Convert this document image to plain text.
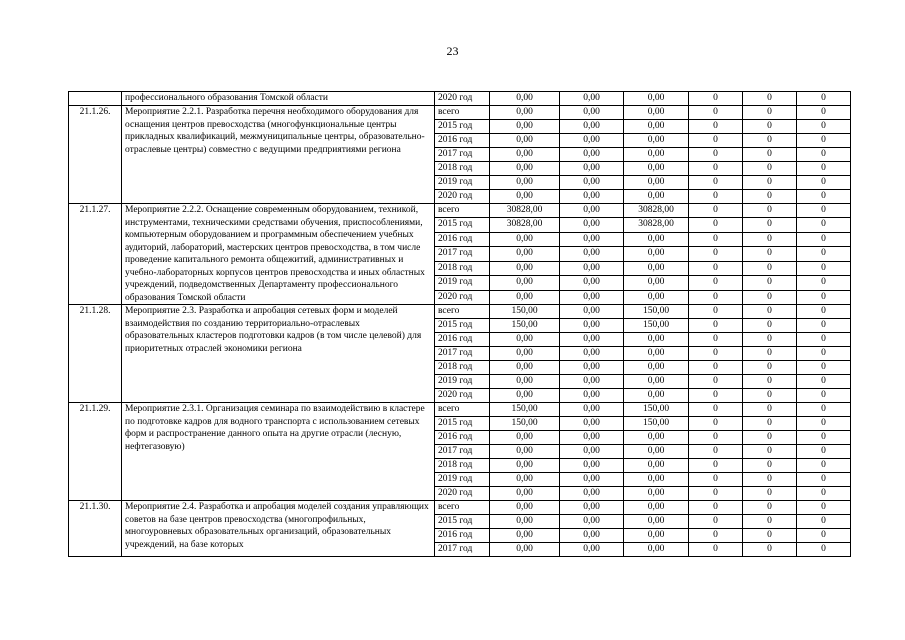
23
	профессионального образования Томской области	2020 год	0,00	0,00	0,00	0	0	0
21.1.26.	Мероприятие 2.2.1. Разработка перечня необходимого оборудования для оснащения центров превосходства (многофункциональные центры прикладных квалификаций, межмуниципальные центры, образовательно-отраслевые центры) совместно с ведущими предприятиями региона	всего	0,00	0,00	0,00	0	0	0
		2015 год	0,00	0,00	0,00	0	0	0
		2016 год	0,00	0,00	0,00	0	0	0
		2017 год	0,00	0,00	0,00	0	0	0
		2018 год	0,00	0,00	0,00	0	0	0
		2019 год	0,00	0,00	0,00	0	0	0
		2020 год	0,00	0,00	0,00	0	0	0
21.1.27.	Мероприятие 2.2.2. Оснащение современным оборудованием, техникой, инструментами, техническими средствами обучения, приспособлениями, компьютерным оборудованием и программным обеспечением учебных аудиторий, лабораторий, мастерских центров превосходства, в том числе проведение капитального ремонта общежитий, административных и учебно-лабораторных корпусов центров превосходства и иных областных учреждений, подведомственных Департаменту профессионального образования Томской области	всего	30828,00	0,00	30828,00	0	0	0
		2015 год	30828,00	0,00	30828,00	0	0	0
		2016 год	0,00	0,00	0,00	0	0	0
		2017 год	0,00	0,00	0,00	0	0	0
		2018 год	0,00	0,00	0,00	0	0	0
		2019 год	0,00	0,00	0,00	0	0	0
		2020 год	0,00	0,00	0,00	0	0	0
21.1.28.	Мероприятие 2.3. Разработка и апробация сетевых форм и моделей взаимодействия по созданию территориально-отраслевых образовательных кластеров подготовки кадров (в том числе целевой) для приоритетных отраслей экономики региона	всего	150,00	0,00	150,00	0	0	0
		2015 год	150,00	0,00	150,00	0	0	0
		2016 год	0,00	0,00	0,00	0	0	0
		2017 год	0,00	0,00	0,00	0	0	0
		2018 год	0,00	0,00	0,00	0	0	0
		2019 год	0,00	0,00	0,00	0	0	0
		2020 год	0,00	0,00	0,00	0	0	0
21.1.29.	Мероприятие 2.3.1. Организация семинара по взаимодействию в кластере по подготовке кадров для водного транспорта с использованием сетевых форм и распространение данного опыта на другие отрасли (лесную, нефтегазовую)	всего	150,00	0,00	150,00	0	0	0
		2015 год	150,00	0,00	150,00	0	0	0
		2016 год	0,00	0,00	0,00	0	0	0
		2017 год	0,00	0,00	0,00	0	0	0
		2018 год	0,00	0,00	0,00	0	0	0
		2019 год	0,00	0,00	0,00	0	0	0
		2020 год	0,00	0,00	0,00	0	0	0
21.1.30.	Мероприятие 2.4. Разработка и апробация моделей создания управляющих советов на базе центров превосходства (многопрофильных, многоуровневых образовательных организаций, образовательных учреждений, на базе которых	всего	0,00	0,00	0,00	0	0	0
		2015 год	0,00	0,00	0,00	0	0	0
		2016 год	0,00	0,00	0,00	0	0	0
		2017 год	0,00	0,00	0,00	0	0	0
